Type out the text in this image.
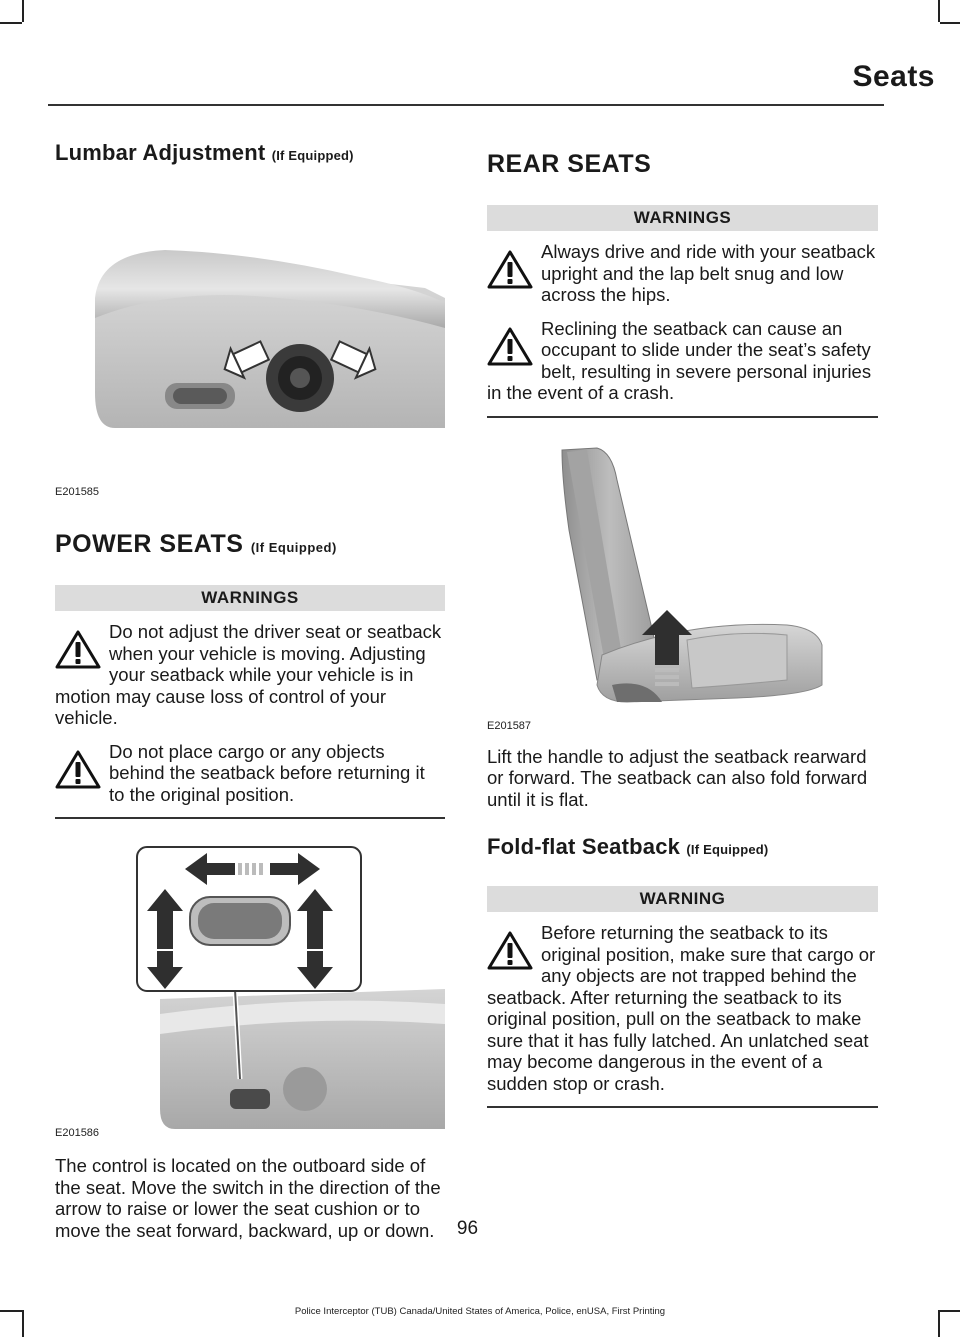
Seats
Lumbar Adjustment (If Equipped)
E201585
POWER SEATS (If Equipped)
WARNINGS
Do not adjust the driver seat or seatback when your vehicle is moving. Adjusting your seatback while your vehicle is in motion may cause loss of control of your vehicle.
Do not place cargo or any objects behind the seatback before returning it to the original position.
E201586

The control is located on the outboard side of the seat. Move the switch in the direction of the arrow to raise or lower the seat cushion or to move the seat forward, backward, up or down.

REAR SEATS
WARNINGS
Always drive and ride with your seatback upright and the lap belt snug and low across the hips.
Reclining the seatback can cause an occupant to slide under the seat’s safety belt, resulting in severe personal injuries in the event of a crash.
E201587

Lift the handle to adjust the seatback rearward or forward. The seatback can also fold forward until it is flat.

Fold-flat Seatback (If Equipped)
WARNING
Before returning the seatback to its original position, make sure that cargo or any objects are not trapped behind the seatback. After returning the seatback to its original position, pull on the seatback to make sure that it has fully latched. An unlatched seat may become dangerous in the event of a sudden stop or crash.
96
Police Interceptor (TUB) Canada/United States of America, Police, enUSA, First Printing
